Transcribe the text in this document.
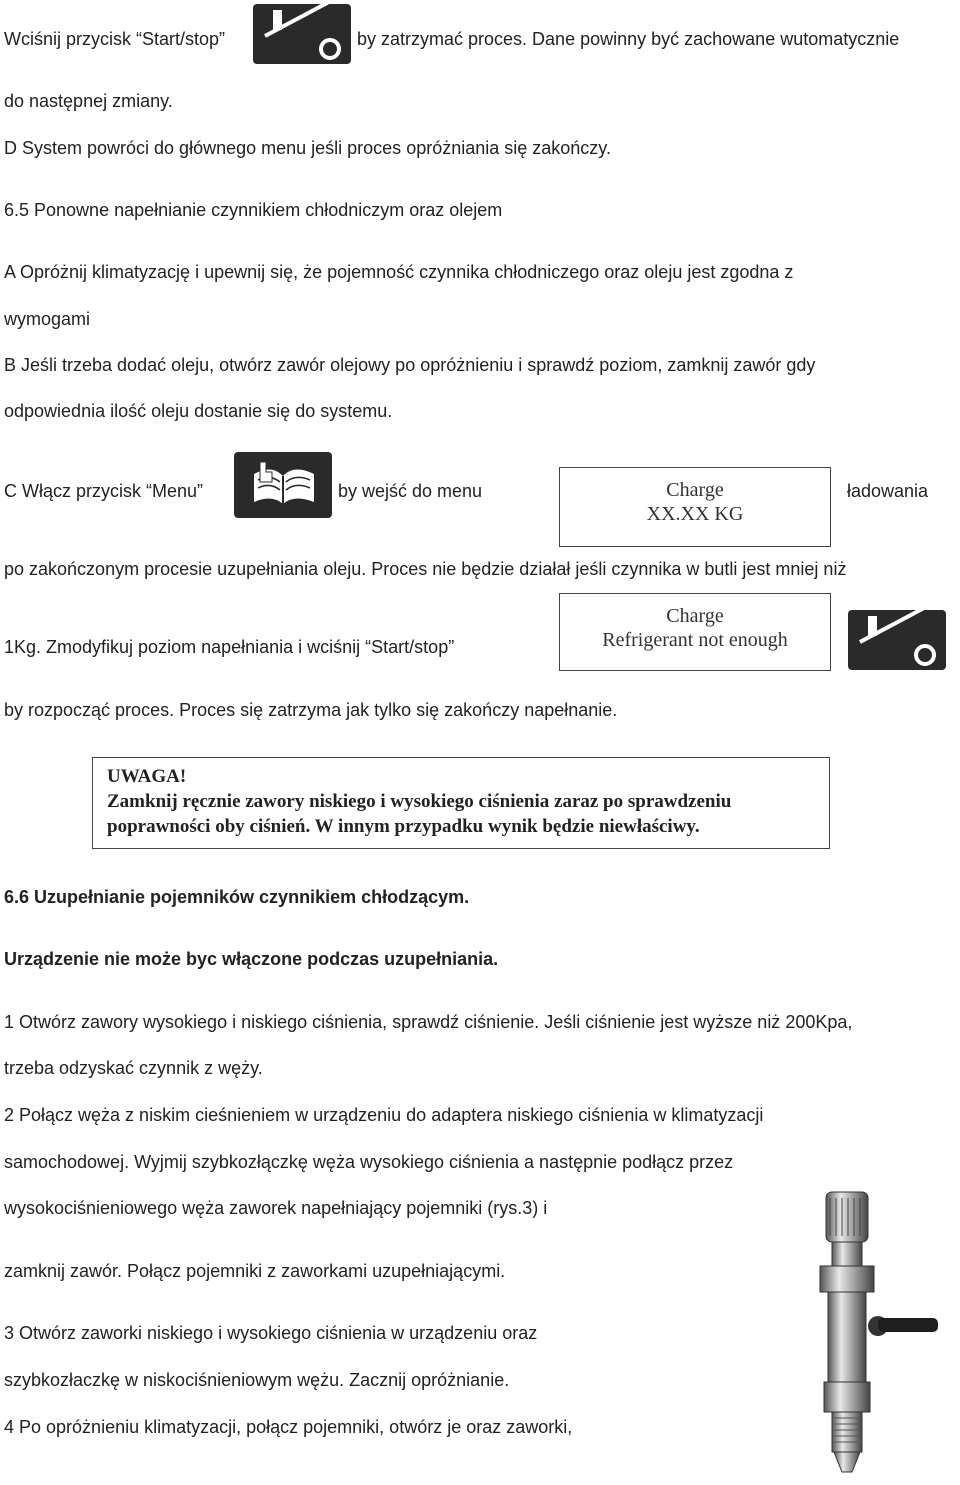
Wciśnij przycisk “Start/stop”	by zatrzymać proces. Dane powinny być zachowane wutomatycznie
do następnej zmiany.
D System powróci do głównego menu jeśli proces opróżniania się zakończy.
6.5 Ponowne napełnianie czynnikiem chłodniczym oraz olejem
A Opróżnij klimatyzację i upewnij się, że pojemność czynnika chłodniczego oraz oleju jest zgodna z
wymogami
B Jeśli trzeba dodać oleju, otwórz zawór olejowy po opróżnieniu i sprawdź poziom, zamknij zawór gdy
odpowiednia ilość oleju dostanie się do systemu.
C Włącz przycisk “Menu”	by wejść do menu	Charge
XX.XX KG
ładowania
po zakończonym procesie uzupełniania oleju. Proces nie będzie działał jeśli czynnika w butli jest mniej niż
1Kg. Zmodyfikuj poziom napełniania i wciśnij “Start/stop”
Charge
Refrigerant not enough
by rozpocząć proces. Proces się zatrzyma jak tylko się zakończy napełnanie.
UWAGA!
Zamknij ręcznie zawory niskiego i wysokiego ciśnienia zaraz po sprawdzeniu
poprawności oby ciśnień. W innym przypadku wynik będzie niewłaściwy.
6.6 Uzupełnianie pojemników czynnikiem chłodzącym.
Urządzenie nie może byc włączone podczas uzupełniania.
1 Otwórz zawory wysokiego i niskiego ciśnienia, sprawdź ciśnienie. Jeśli ciśnienie jest wyższe niż 200Kpa,
trzeba odzyskać czynnik z węży.
2 Połącz węża z niskim cieśnieniem w urządzeniu do adaptera niskiego ciśnienia w klimatyzacji
samochodowej. Wyjmij szybkozłączkę węża wysokiego ciśnienia a następnie podłącz przez
wysokociśnieniowego węża zaworek napełniający pojemniki (rys.3) i
zamknij zawór. Połącz pojemniki z zaworkami uzupełniającymi.
3 Otwórz zaworki niskiego i wysokiego ciśnienia w urządzeniu oraz
szybkozłaczkę w niskociśnieniowym wężu. Zacznij opróżnianie.
4 Po opróżnieniu klimatyzacji, połącz pojemniki, otwórz je oraz zaworki,
